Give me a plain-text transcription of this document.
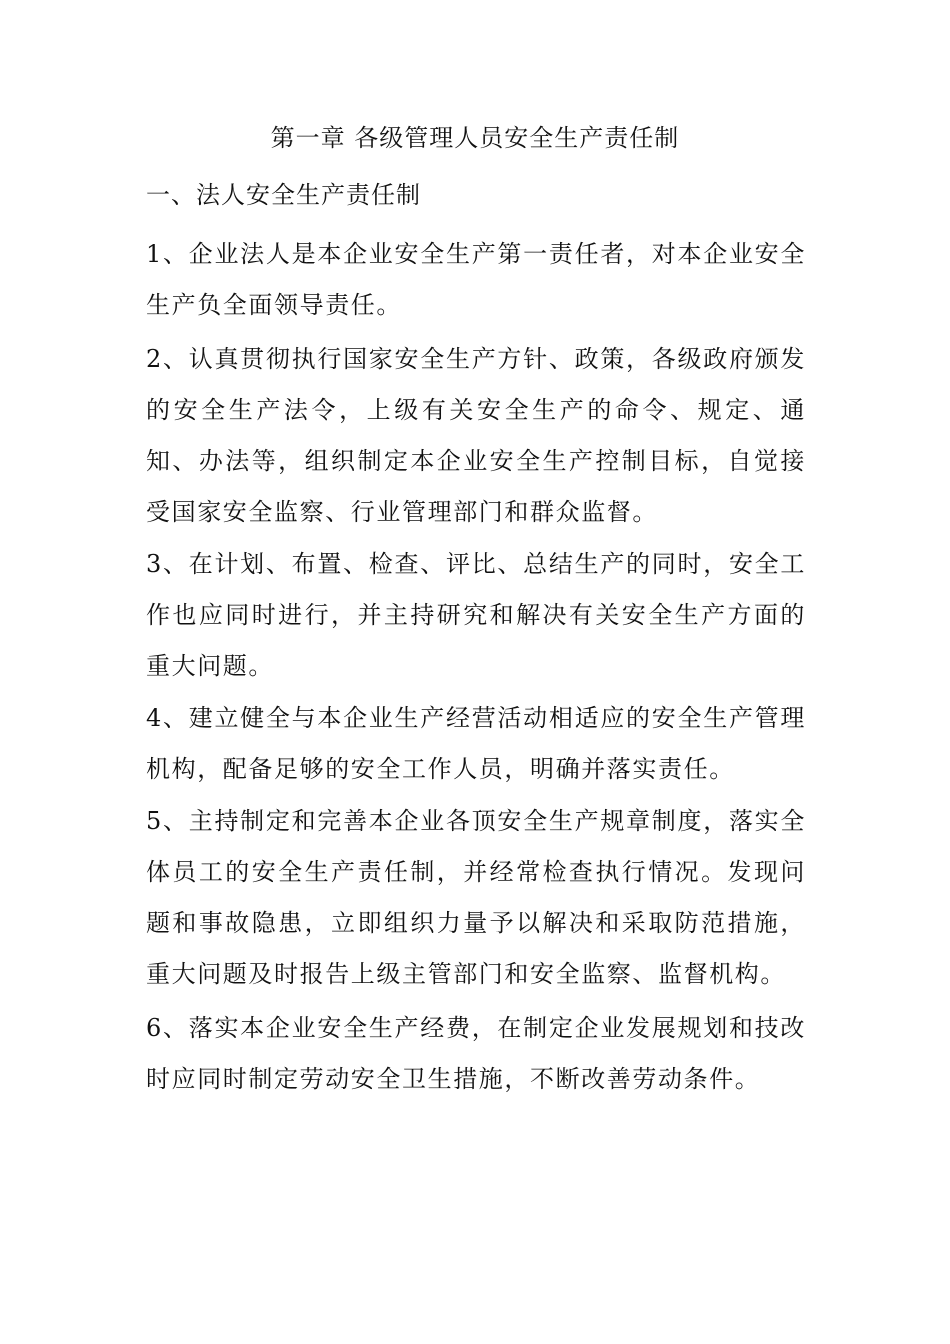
第一章 各级管理人员安全生产责任制
一、法人安全生产责任制

1、企业法人是本企业安全生产第一责任者，对本企业安全生产负全面领导责任。

2、认真贯彻执行国家安全生产方针、政策，各级政府颁发的安全生产法令，上级有关安全生产的命令、规定、通知、办法等，组织制定本企业安全生产控制目标，自觉接受国家安全监察、行业管理部门和群众监督。

3、在计划、布置、检查、评比、总结生产的同时，安全工作也应同时进行，并主持研究和解决有关安全生产方面的重大问题。

4、建立健全与本企业生产经营活动相适应的安全生产管理机构，配备足够的安全工作人员，明确并落实责任。

5、主持制定和完善本企业各顶安全生产规章制度，落实全体员工的安全生产责任制，并经常检查执行情况。发现问题和事故隐患，立即组织力量予以解决和采取防范措施，重大问题及时报告上级主管部门和安全监察、监督机构。

6、落实本企业安全生产经费，在制定企业发展规划和技改时应同时制定劳动安全卫生措施，不断改善劳动条件。
